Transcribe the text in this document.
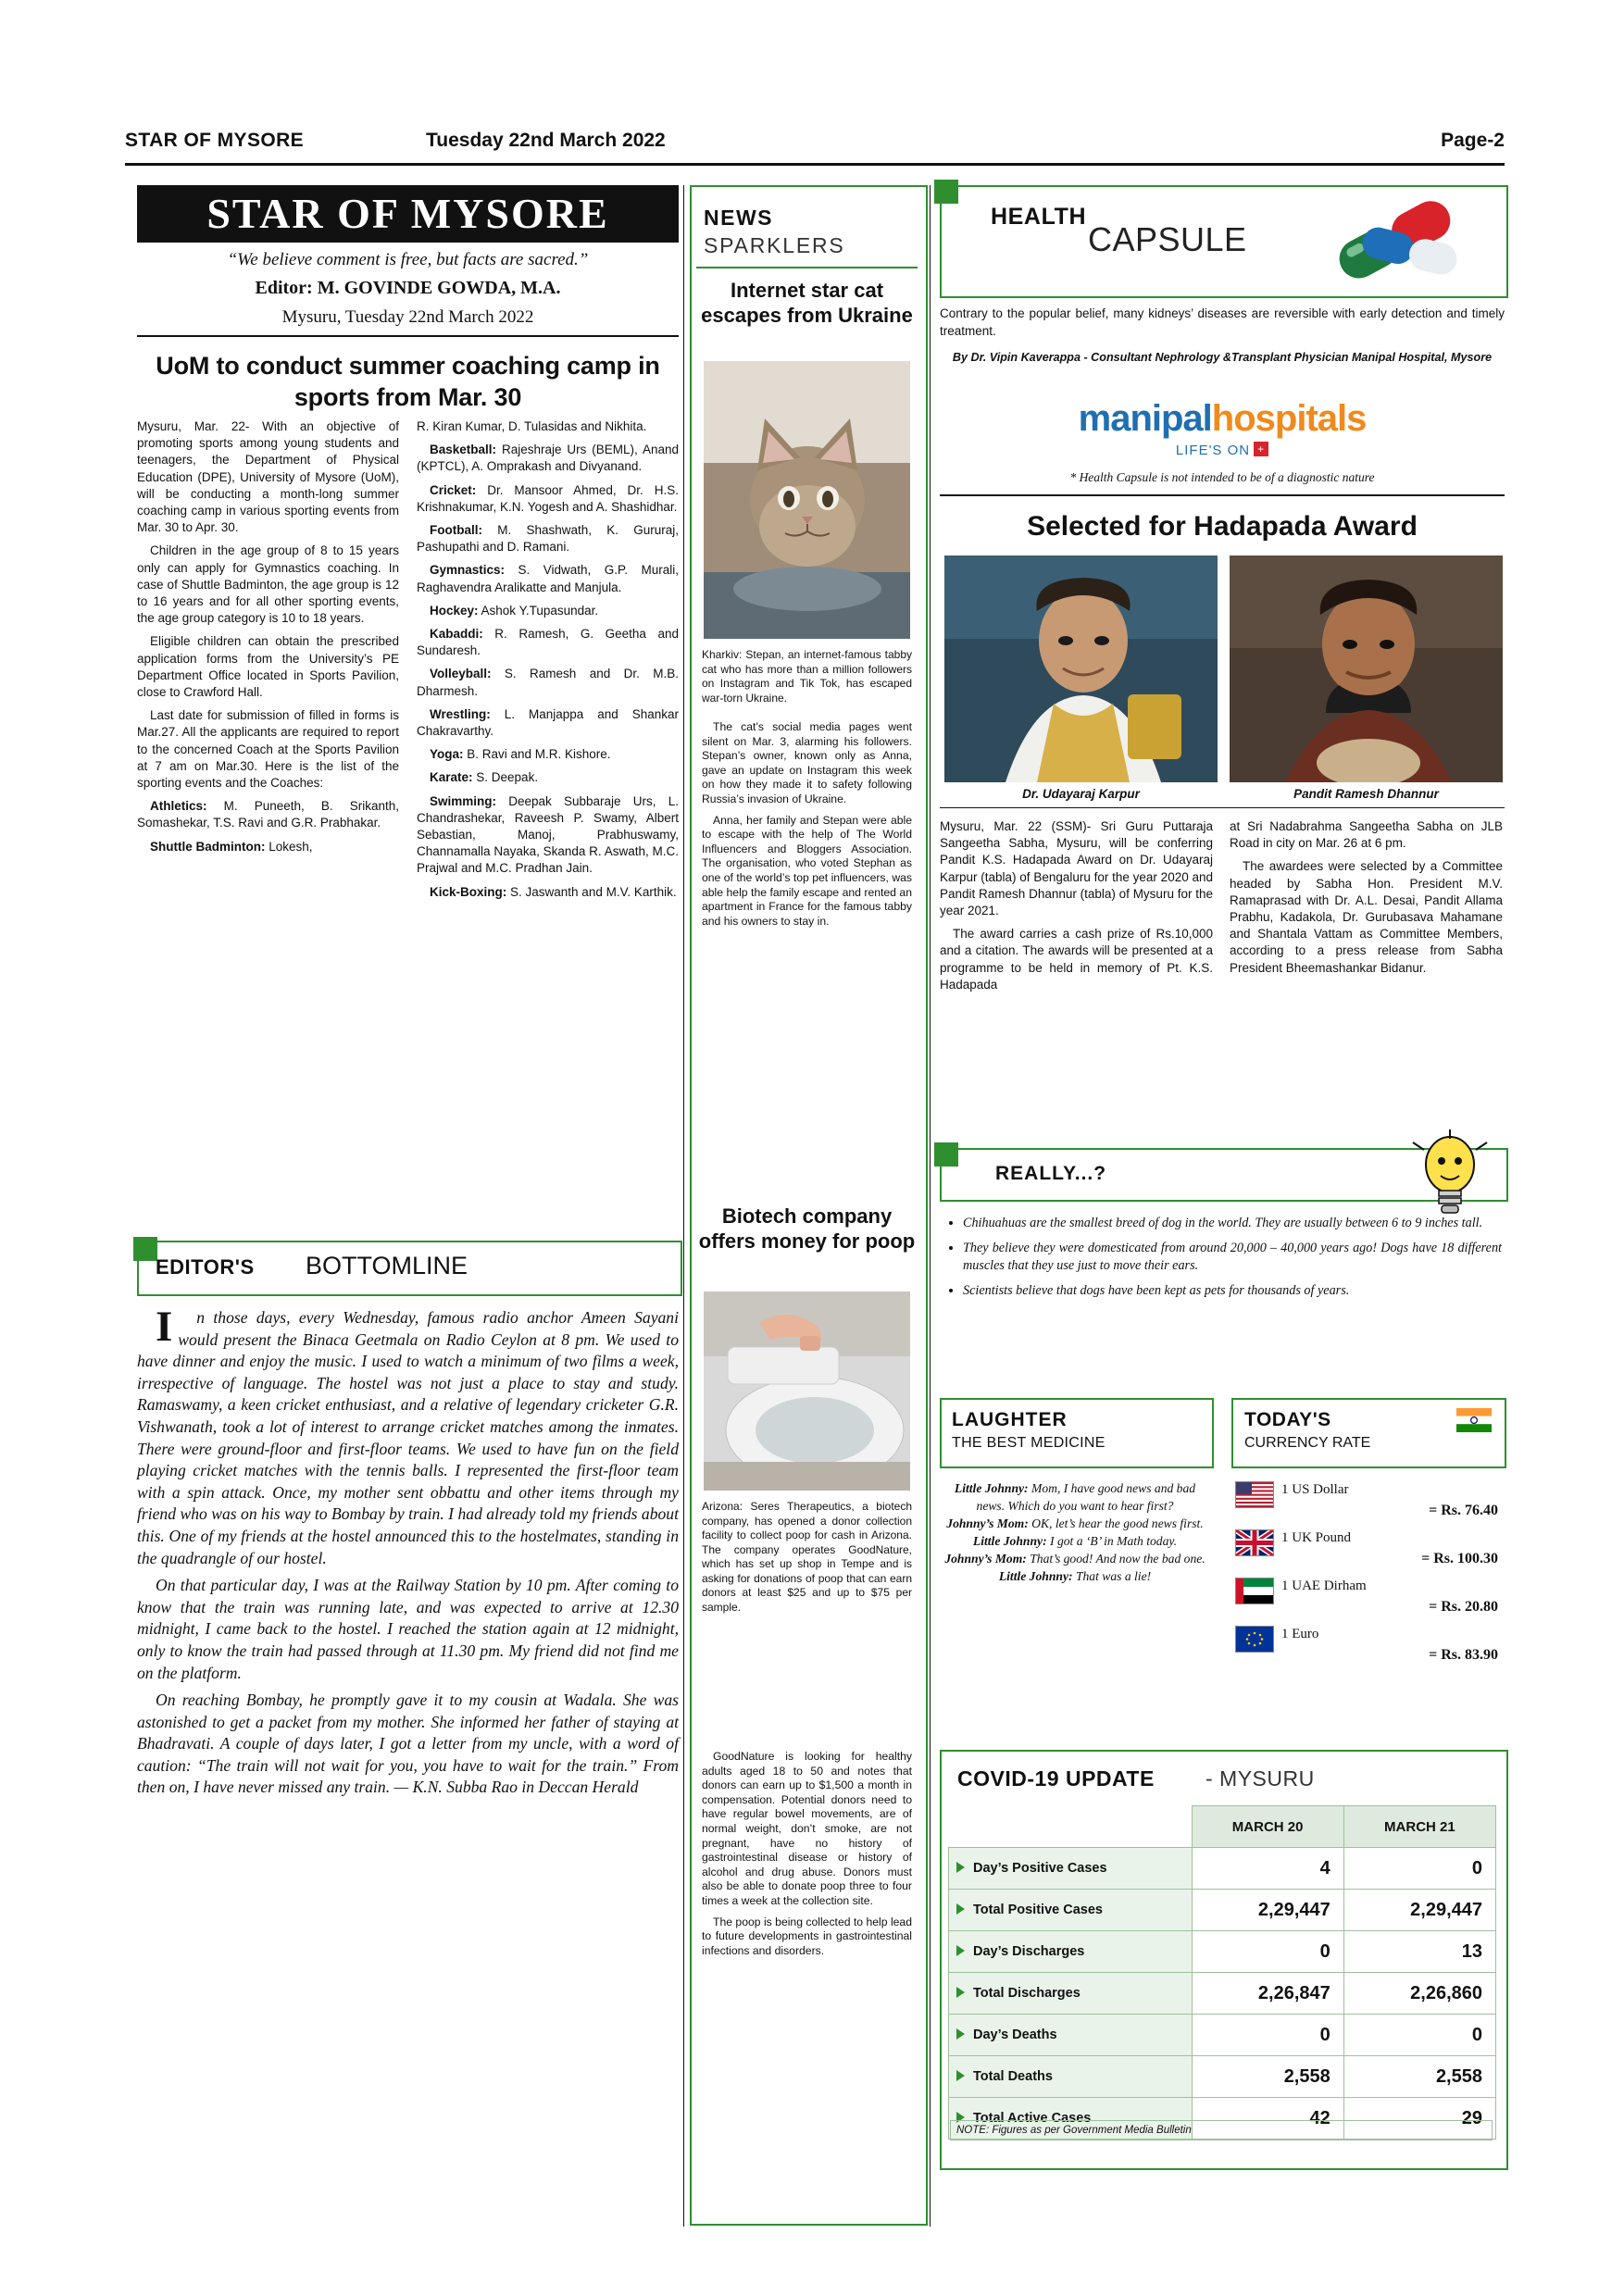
STAR OF MYSORE	Tuesday 22nd March 2022	Page-2
STAR OF MYSORE
“We believe comment is free, but facts are sacred.”
Editor: M. GOVINDE GOWDA, M.A.
Mysuru, Tuesday 22nd March 2022
UoM to conduct summer coaching camp in sports from Mar. 30

Mysuru, Mar. 22- With an objective of promoting sports among young students and teenagers, the Department of Physical Education (DPE), University of Mysore (UoM), will be conducting a month-long summer coaching camp in various sporting events from Mar. 30 to Apr. 30.

Children in the age group of 8 to 15 years only can apply for Gymnastics coaching. In case of Shuttle Badminton, the age group is 12 to 16 years and for all other sporting events, the age group category is 10 to 18 years.

Eligible children can obtain the prescribed application forms from the University’s PE Department Office located in Sports Pavilion, close to Crawford Hall.

Last date for submission of filled in forms is Mar.27. All the applicants are required to report to the concerned Coach at the Sports Pavilion at 7 am on Mar.30. Here is the list of the sporting events and the Coaches:

Athletics: M. Puneeth, B. Srikanth, Somashekar, T.S. Ravi and G.R. Prabhakar.

Shuttle Badminton: Lokesh,

R. Kiran Kumar, D. Tulasidas and Nikhita.

Basketball: Rajeshraje Urs (BEML), Anand (KPTCL), A. Omprakash and Divyanand.

Cricket: Dr. Mansoor Ahmed, Dr. H.S. Krishnakumar, K.N. Yogesh and A. Shashidhar.

Football: M. Shashwath, K. Gururaj, Pashupathi and D. Ramani.

Gymnastics: S. Vidwath, G.P. Murali, Raghavendra Aralikatte and Manjula.

Hockey: Ashok Y.Tupasundar.

Kabaddi: R. Ramesh, G. Geetha and Sundaresh.

Volleyball: S. Ramesh and Dr. M.B. Dharmesh.

Wrestling: L. Manjappa and Shankar Chakravarthy.

Yoga: B. Ravi and M.R. Kishore.

Karate: S. Deepak.

Swimming: Deepak Subbaraje Urs, L. Chandrashekar, Raveesh P. Swamy, Albert Sebastian, Manoj, Prabhuswamy, Channamalla Nayaka, Skanda R. Aswath, M.C. Prajwal and M.C. Pradhan Jain.

Kick-Boxing: S. Jaswanth and M.V. Karthik.

EDITOR'S BOTTOMLINE

I	n those days, every Wednesday, famous radio anchor Ameen Sayani would present the Binaca Geetmala on Radio Ceylon at 8 pm. We used to have dinner and enjoy the music. I used to watch a minimum of two films a week, irrespective of language. The hostel was not just a place to stay and study. Ramaswamy, a keen cricket enthusiast, and a relative of legendary cricketer G.R. Vishwanath, took a lot of interest to arrange cricket matches among the inmates. There were ground-floor and first-floor teams. We used to have fun on the field playing cricket matches with the tennis balls. I represented the first-floor team with a spin attack. Once, my mother sent obbattu and other items through my friend who was on his way to Bombay by train. I had already told my friends about this. One of my friends at the hostel announced this to the hostelmates, standing in the quadrangle of our hostel.

On that particular day, I was at the Railway Station by 10 pm. After coming to know that the train was running late, and was expected to arrive at 12.30 midnight, I came back to the hostel. I reached the station again at 12 midnight, only to know the train had passed through at 11.30 pm. My friend did not find me on the platform.

On reaching Bombay, he promptly gave it to my cousin at Wadala. She was astonished to get a packet from my mother. She informed her father of staying at Bhadravati. A couple of days later, I got a letter from my uncle, with a word of caution: “The train will not wait for you, you have to wait for the train.” From then on, I have never missed any train. — K.N. Subba Rao in Deccan Herald

NEWS
SPARKLERS
Internet star cat escapes from Ukraine
Kharkiv: Stepan, an internet-famous tabby cat who has more than a million followers on Instagram and Tik Tok, has escaped war-torn Ukraine.

The cat’s social media pages went silent on Mar. 3, alarming his followers. Stepan’s owner, known only as Anna, gave an update on Instagram this week on how they made it to safety following Russia’s invasion of Ukraine.

Anna, her family and Stepan were able to escape with the help of The World Influencers and Bloggers Association. The organisation, who voted Stephan as one of the world’s top pet influencers, was able help the family escape and rented an apartment in France for the famous tabby and his owners to stay in.

Biotech company offers money for poop
Arizona: Seres Therapeutics, a biotech company, has opened a donor collection facility to collect poop for cash in Arizona. The company operates GoodNature, which has set up shop in Tempe and is asking for donations of poop that can earn donors at least $25 and up to $75 per sample.

GoodNature is looking for healthy adults aged 18 to 50 and notes that donors can earn up to $1,500 a month in compensation. Potential donors need to have regular bowel movements, are of normal weight, don’t smoke, are not pregnant, have no history of gastrointestinal disease or history of alcohol and drug abuse. Donors must also be able to donate poop three to four times a week at the collection site.

The poop is being collected to help lead to future developments in gastrointestinal infections and disorders.

HEALTH
CAPSULE
Contrary to the popular belief, many kidneys’ diseases are reversible with early detection and timely treatment.
By Dr. Vipin Kaverappa - Consultant Nephrology &Transplant Physician Manipal Hospital, Mysore
manipalhospitals
LIFE'S ON +
* Health Capsule is not intended to be of a diagnostic nature
Selected for Hadapada Award
Dr. Udayaraj Karpur	Pandit Ramesh Dhannur

Mysuru, Mar. 22 (SSM)- Sri Guru Puttaraja Sangeetha Sabha, Mysuru, will be conferring Pandit K.S. Hadapada Award on Dr. Udayaraj Karpur (tabla) of Bengaluru for the year 2020 and Pandit Ramesh Dhannur (tabla) of Mysuru for the year 2021.

The award carries a cash prize of Rs.10,000 and a citation. The awards will be presented at a programme to be held in memory of Pt. K.S. Hadapada

at Sri Nadabrahma Sangeetha Sabha on JLB Road in city on Mar. 26 at 6 pm.

The awardees were selected by a Committee headed by Sabha Hon. President M.V. Ramaprasad with Dr. A.L. Desai, Pandit Allama Prabhu, Kadakola, Dr. Gurubasava Mahamane and Shantala Vattam as Committee Members, according to a press release from Sabha President Bheemashankar Bidanur.

REALLY...?
• Chihuahuas are the smallest breed of dog in the world. They are usually between 6 to 9 inches tall.
• They believe they were domesticated from around 20,000 – 40,000 years ago! Dogs have 18 different muscles that they use just to move their ears.
• Scientists believe that dogs have been kept as pets for thousands of years.
LAUGHTER
THE BEST MEDICINE
Little Johnny: Mom, I have good news and bad news. Which do you want to hear first?
Johnny’s Mom: OK, let’s hear the good news first.
Little Johnny: I got a ‘B’ in Math today.
Johnny’s Mom: That’s good! And now the bad one.
Little Johnny: That was a lie!
TODAY'S
CURRENCY RATE
1 US Dollar
= Rs. 76.40
1 UK Pound
= Rs. 100.30
1 UAE Dirham
= Rs. 20.80
1 Euro
= Rs. 83.90
COVID-19 UPDATE - MYSURU
	MARCH 20	MARCH 21
Day’s Positive Cases	4	0
Total Positive Cases	2,29,447	2,29,447
Day’s Discharges	0	13
Total Discharges	2,26,847	2,26,860
Day’s Deaths	0	0
Total Deaths	2,558	2,558
Total Active Cases	42	29
NOTE: Figures as per Government Media Bulletin
